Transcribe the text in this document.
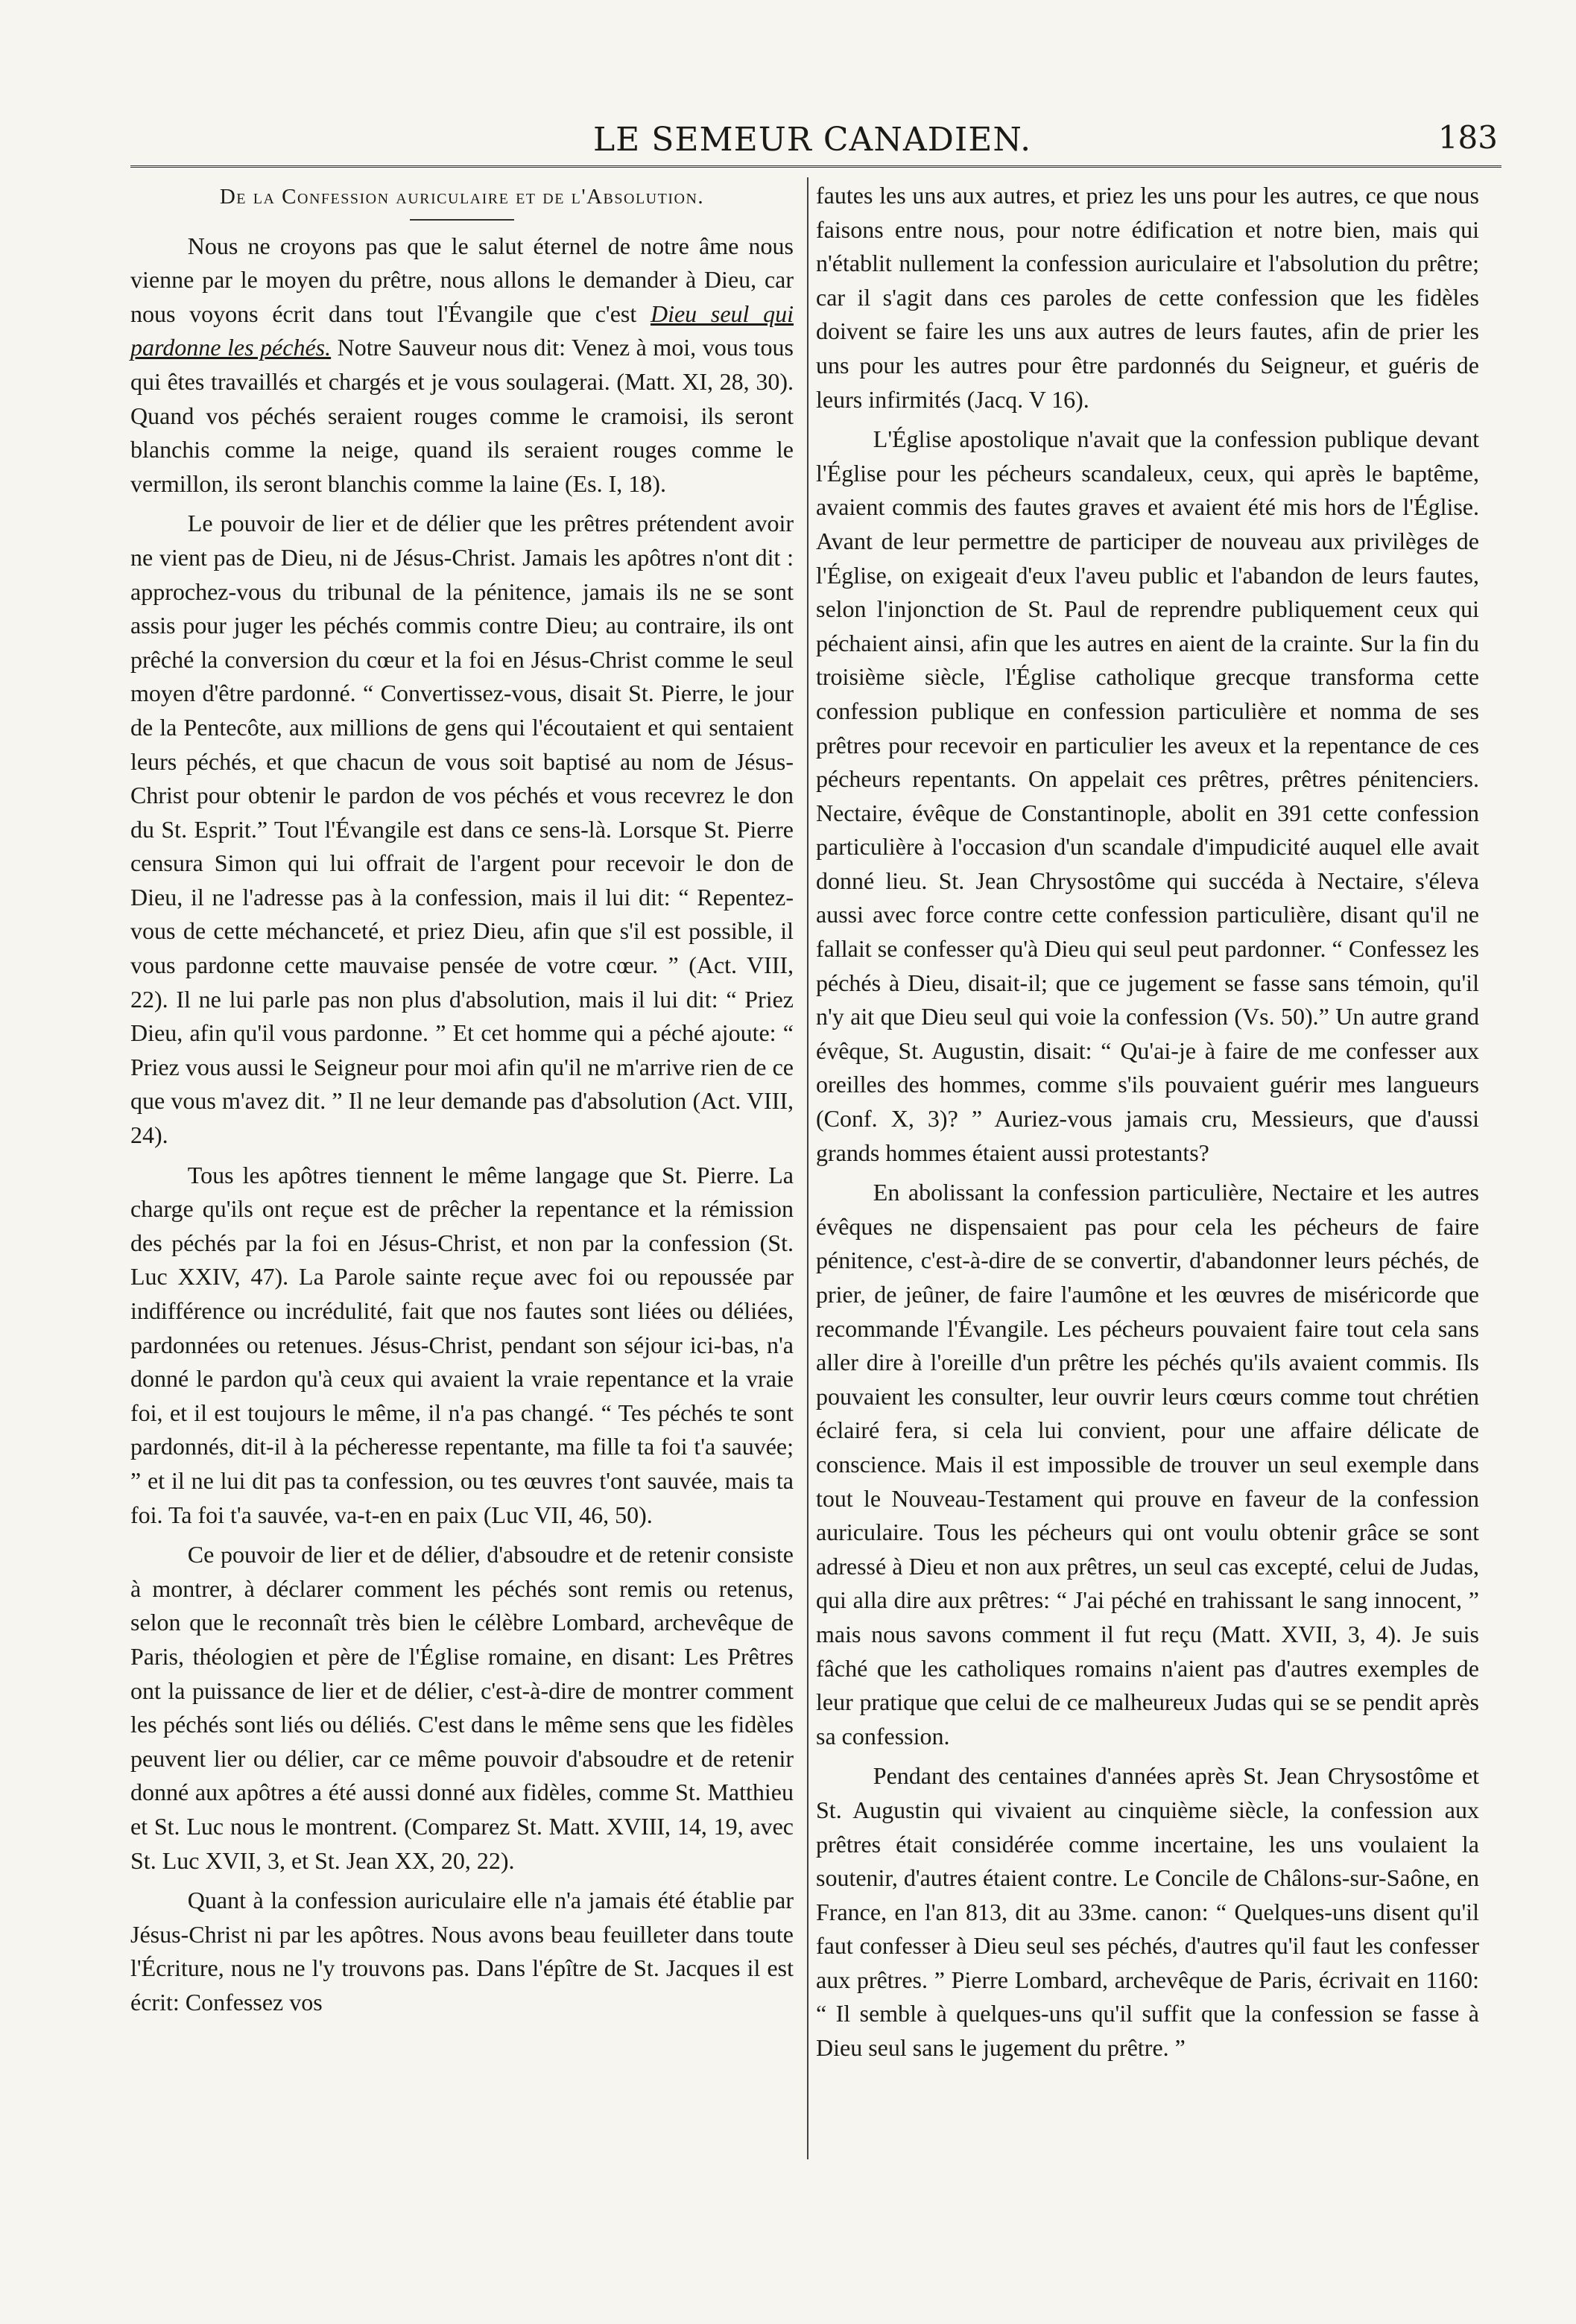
LE SEMEUR CANADIEN.	183
De la Confession auriculaire et de l'Absolution.

Nous ne croyons pas que le salut éternel de notre âme nous vienne par le moyen du prêtre, nous allons le demander à Dieu, car nous voyons écrit dans tout l'Évangile que c'est Dieu seul qui pardonne les péchés. Notre Sauveur nous dit: Venez à moi, vous tous qui êtes travaillés et chargés et je vous soulagerai. (Matt. XI, 28, 30). Quand vos péchés seraient rouges comme le cramoisi, ils seront blanchis comme la neige, quand ils seraient rouges comme le vermillon, ils seront blanchis comme la laine (Es. I, 18).

Le pouvoir de lier et de délier que les prêtres prétendent avoir ne vient pas de Dieu, ni de Jésus-Christ. Jamais les apôtres n'ont dit : approchez-vous du tribunal de la pénitence, jamais ils ne se sont assis pour juger les péchés commis contre Dieu; au contraire, ils ont prêché la conversion du cœur et la foi en Jésus-Christ comme le seul moyen d'être pardonné. “ Convertissez-vous, disait St. Pierre, le jour de la Pentecôte, aux millions de gens qui l'écoutaient et qui sentaient leurs péchés, et que chacun de vous soit baptisé au nom de Jésus-Christ pour obtenir le pardon de vos péchés et vous recevrez le don du St. Esprit.” Tout l'Évangile est dans ce sens-là. Lorsque St. Pierre censura Simon qui lui offrait de l'argent pour recevoir le don de Dieu, il ne l'adresse pas à la confession, mais il lui dit: “ Repentez-vous de cette méchanceté, et priez Dieu, afin que s'il est possible, il vous pardonne cette mauvaise pensée de votre cœur. ” (Act. VIII, 22). Il ne lui parle pas non plus d'absolution, mais il lui dit: “ Priez Dieu, afin qu'il vous pardonne. ” Et cet homme qui a péché ajoute: “ Priez vous aussi le Seigneur pour moi afin qu'il ne m'arrive rien de ce que vous m'avez dit. ” Il ne leur demande pas d'absolution (Act. VIII, 24).

Tous les apôtres tiennent le même langage que St. Pierre. La charge qu'ils ont reçue est de prêcher la repentance et la rémission des péchés par la foi en Jésus-Christ, et non par la confession (St. Luc XXIV, 47). La Parole sainte reçue avec foi ou repoussée par indifférence ou incrédulité, fait que nos fautes sont liées ou déliées, pardonnées ou retenues. Jésus-Christ, pendant son séjour ici-bas, n'a donné le pardon qu'à ceux qui avaient la vraie repentance et la vraie foi, et il est toujours le même, il n'a pas changé. “ Tes péchés te sont pardonnés, dit-il à la pécheresse repentante, ma fille ta foi t'a sauvée; ” et il ne lui dit pas ta confession, ou tes œuvres t'ont sauvée, mais ta foi. Ta foi t'a sauvée, va-t-en en paix (Luc VII, 46, 50).

Ce pouvoir de lier et de délier, d'absoudre et de retenir consiste à montrer, à déclarer comment les péchés sont remis ou retenus, selon que le reconnaît très bien le célèbre Lombard, archevêque de Paris, théologien et père de l'Église romaine, en disant: Les Prêtres ont la puissance de lier et de délier, c'est-à-dire de montrer comment les péchés sont liés ou déliés. C'est dans le même sens que les fidèles peuvent lier ou délier, car ce même pouvoir d'absoudre et de retenir donné aux apôtres a été aussi donné aux fidèles, comme St. Matthieu et St. Luc nous le montrent. (Comparez St. Matt. XVIII, 14, 19, avec St. Luc XVII, 3, et St. Jean XX, 20, 22).

Quant à la confession auriculaire elle n'a jamais été établie par Jésus-Christ ni par les apôtres. Nous avons beau feuilleter dans toute l'Écriture, nous ne l'y trouvons pas. Dans l'épître de St. Jacques il est écrit: Confessez vos

fautes les uns aux autres, et priez les uns pour les autres, ce que nous faisons entre nous, pour notre édification et notre bien, mais qui n'établit nullement la confession auriculaire et l'absolution du prêtre; car il s'agit dans ces paroles de cette confession que les fidèles doivent se faire les uns aux autres de leurs fautes, afin de prier les uns pour les autres pour être pardonnés du Seigneur, et guéris de leurs infirmités (Jacq. V 16).

L'Église apostolique n'avait que la confession publique devant l'Église pour les pécheurs scandaleux, ceux, qui après le baptême, avaient commis des fautes graves et avaient été mis hors de l'Église. Avant de leur permettre de participer de nouveau aux privilèges de l'Église, on exigeait d'eux l'aveu public et l'abandon de leurs fautes, selon l'injonction de St. Paul de reprendre publiquement ceux qui péchaient ainsi, afin que les autres en aient de la crainte. Sur la fin du troisième siècle, l'Église catholique grecque transforma cette confession publique en confession particulière et nomma de ses prêtres pour recevoir en particulier les aveux et la repentance de ces pécheurs repentants. On appelait ces prêtres, prêtres pénitenciers. Nectaire, évêque de Constantinople, abolit en 391 cette confession particulière à l'occasion d'un scandale d'impudicité auquel elle avait donné lieu. St. Jean Chrysostôme qui succéda à Nectaire, s'éleva aussi avec force contre cette confession particulière, disant qu'il ne fallait se confesser qu'à Dieu qui seul peut pardonner. “ Confessez les péchés à Dieu, disait-il; que ce jugement se fasse sans témoin, qu'il n'y ait que Dieu seul qui voie la confession (Vs. 50).” Un autre grand évêque, St. Augustin, disait: “ Qu'ai-je à faire de me confesser aux oreilles des hommes, comme s'ils pouvaient guérir mes langueurs (Conf. X, 3)? ” Auriez-vous jamais cru, Messieurs, que d'aussi grands hommes étaient aussi protestants?

En abolissant la confession particulière, Nectaire et les autres évêques ne dispensaient pas pour cela les pécheurs de faire pénitence, c'est-à-dire de se convertir, d'abandonner leurs péchés, de prier, de jeûner, de faire l'aumône et les œuvres de miséricorde que recommande l'Évangile. Les pécheurs pouvaient faire tout cela sans aller dire à l'oreille d'un prêtre les péchés qu'ils avaient commis. Ils pouvaient les consulter, leur ouvrir leurs cœurs comme tout chrétien éclairé fera, si cela lui convient, pour une affaire délicate de conscience. Mais il est impossible de trouver un seul exemple dans tout le Nouveau-Testament qui prouve en faveur de la confession auriculaire. Tous les pécheurs qui ont voulu obtenir grâce se sont adressé à Dieu et non aux prêtres, un seul cas excepté, celui de Judas, qui alla dire aux prêtres: “ J'ai péché en trahissant le sang innocent, ” mais nous savons comment il fut reçu (Matt. XVII, 3, 4). Je suis fâché que les catholiques romains n'aient pas d'autres exemples de leur pratique que celui de ce malheureux Judas qui se se pendit après sa confession.

Pendant des centaines d'années après St. Jean Chrysostôme et St. Augustin qui vivaient au cinquième siècle, la confession aux prêtres était considérée comme incertaine, les uns voulaient la soutenir, d'autres étaient contre. Le Concile de Châlons-sur-Saône, en France, en l'an 813, dit au 33me. canon: “ Quelques-uns disent qu'il faut confesser à Dieu seul ses péchés, d'autres qu'il faut les confesser aux prêtres. ” Pierre Lombard, archevêque de Paris, écrivait en 1160: “ Il semble à quelques-uns qu'il suffit que la confession se fasse à Dieu seul sans le jugement du prêtre. ”
